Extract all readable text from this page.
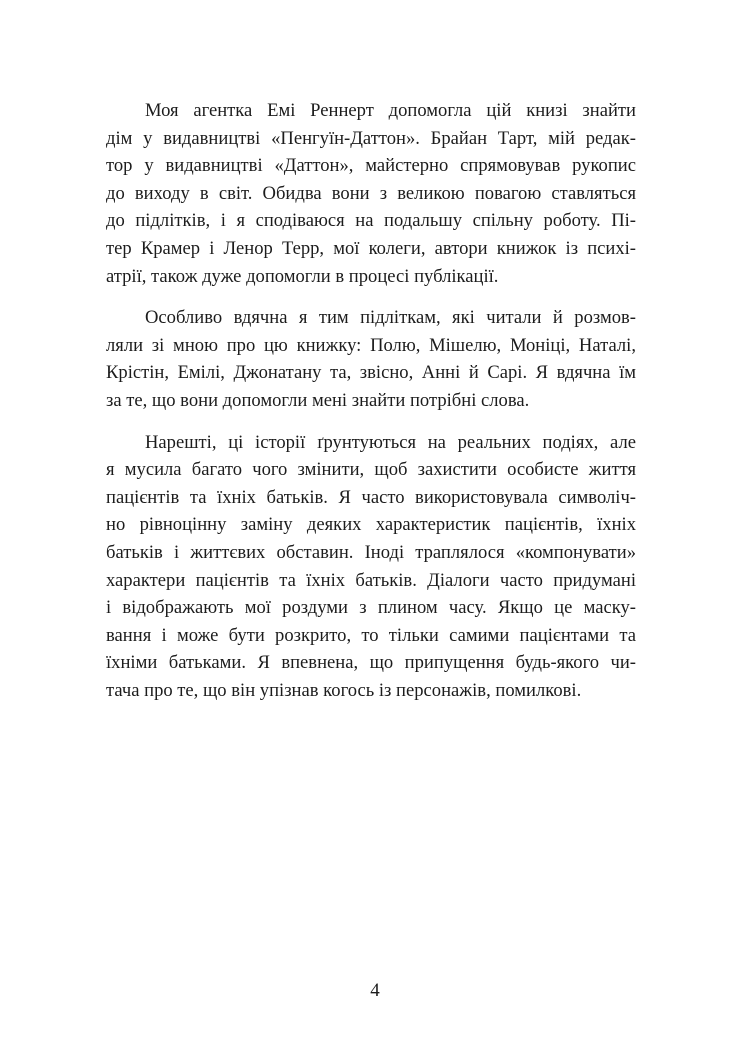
Моя агентка Емі Реннерт допомогла цій книзі знайти
дім у видавництві «Пенгуїн-Даттон». Брайан Тарт, мій редак-
тор у видавництві «Даттон», майстерно спрямовував рукопис
до виходу в світ. Обидва вони з великою повагою ставляться
до підлітків, і я сподіваюся на подальшу спільну роботу. Пі-
тер Крамер і Ленор Терр, мої колеги, автори книжок із психі-
атрії, також дуже допомогли в процесі публікації.
Особливо вдячна я тим підліткам, які читали й розмов-
ляли зі мною про цю книжку: Полю, Мішелю, Моніці, Наталі,
Крістін, Емілі, Джонатану та, звісно, Анні й Сарі. Я вдячна їм
за те, що вони допомогли мені знайти потрібні слова.
Нарешті, ці історії ґрунтуються на реальних подіях, але
я мусила багато чого змінити, щоб захистити особисте життя
пацієнтів та їхніх батьків. Я часто використовувала символіч-
но рівноцінну заміну деяких характеристик пацієнтів, їхніх
батьків і життєвих обставин. Іноді траплялося «компонувати»
характери пацієнтів та їхніх батьків. Діалоги часто придумані
і відображають мої роздуми з плином часу. Якщо це маску-
вання і може бути розкрито, то тільки самими пацієнтами та
їхніми батьками. Я впевнена, що припущення будь-якого чи-
тача про те, що він упізнав когось із персонажів, помилкові.
4
